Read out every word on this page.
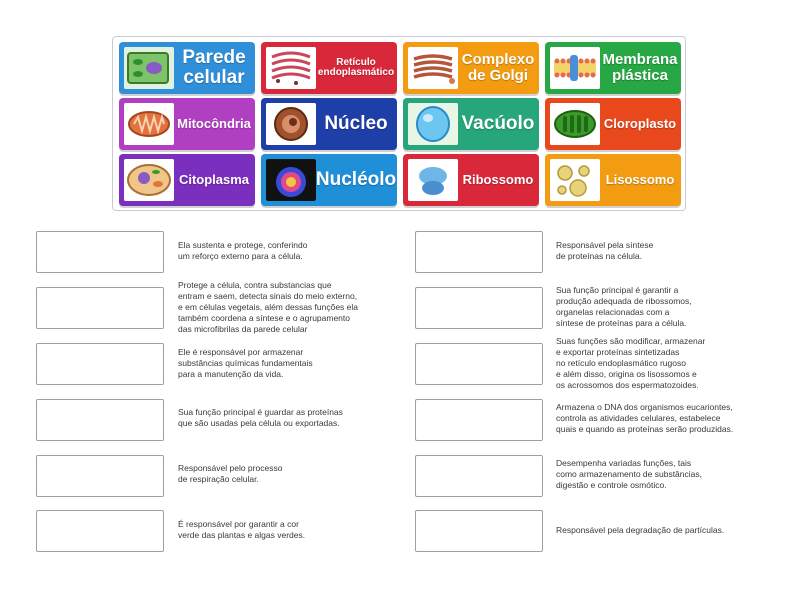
Parede celular
Retículo endoplasmático
Complexo de Golgi
Membrana plástica
Mitocôndria	Núcleo	Vacúolo	Cloroplasto
Citoplasma	Nucléolo	Ribossomo	Lisossomo
Ela sustenta e protege, conferindo
um reforço externo para a célula.
Protege a célula, contra substancias que
entram e saem, detecta sinais do meio externo,
e em células vegetais, além dessas funções ela
também coordena a síntese e o agrupamento
das microfibrilas da parede celular
Ele é responsável por armazenar
substâncias químicas fundamentais
para a manutenção da vida.
Sua função principal é guardar as proteínas
que são usadas pela célula ou exportadas.
Responsável pelo processo
de respiração celular.
É responsável por garantir a cor
verde das plantas e algas verdes.
Responsável pela síntese
de proteínas na célula.
Sua função principal é garantir a
produção adequada de ribossomos,
organelas relacionadas com a
síntese de proteínas para a célula.
Suas funções são modificar, armazenar
e exportar proteínas sintetizadas
no retículo endoplasmático rugoso
e além disso, origina os lisossomos e
os acrossomos dos espermatozoides.
Armazena o DNA dos organismos eucariontes,
controla as atividades celulares, estabelece
quais e quando as proteínas serão produzidas.
Desempenha variadas funções, tais
como armazenamento de substâncias,
digestão e controle osmótico.
Responsável pela degradação de partículas.
